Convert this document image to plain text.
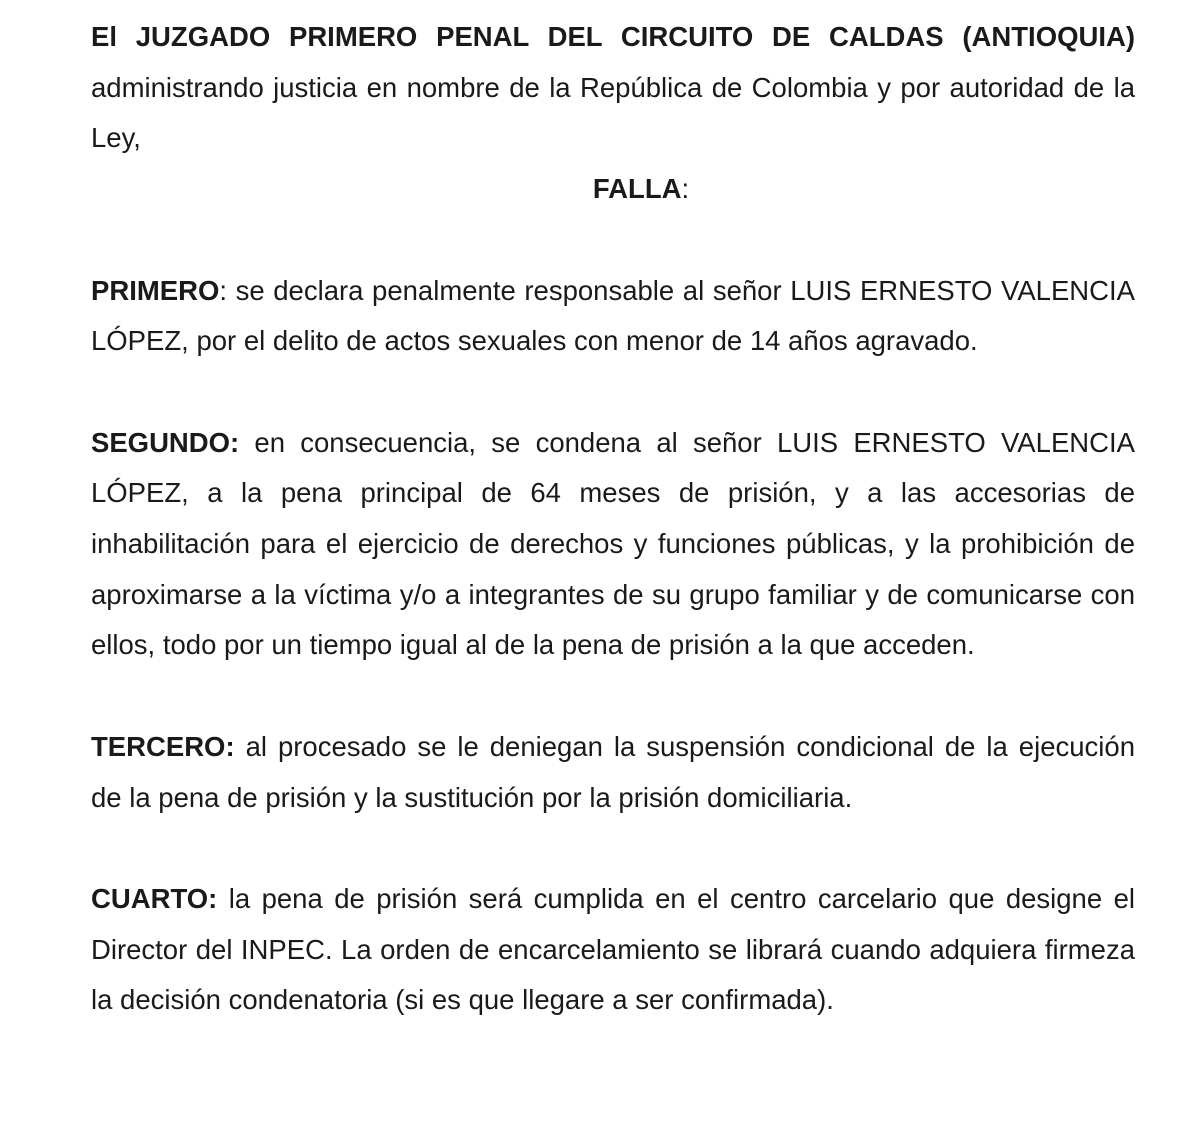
El JUZGADO PRIMERO PENAL DEL CIRCUITO DE CALDAS (ANTIOQUIA) administrando justicia en nombre de la República de Colombia y por autoridad de la Ley,

FALLA:

PRIMERO: se declara penalmente responsable al señor LUIS ERNESTO VALENCIA LÓPEZ, por el delito de actos sexuales con menor de 14 años agravado.

SEGUNDO: en consecuencia, se condena al señor LUIS ERNESTO VALENCIA LÓPEZ, a la pena principal de 64 meses de prisión, y a las accesorias de inhabilitación para el ejercicio de derechos y funciones públicas, y la prohibición de aproximarse a la víctima y/o a integrantes de su grupo familiar y de comunicarse con ellos, todo por un tiempo igual al de la pena de prisión a la que acceden.

TERCERO: al procesado se le deniegan la suspensión condicional de la ejecución de la pena de prisión y la sustitución por la prisión domiciliaria.

CUARTO: la pena de prisión será cumplida en el centro carcelario que designe el Director del INPEC. La orden de encarcelamiento se librará cuando adquiera firmeza la decisión condenatoria (si es que llegare a ser confirmada).
